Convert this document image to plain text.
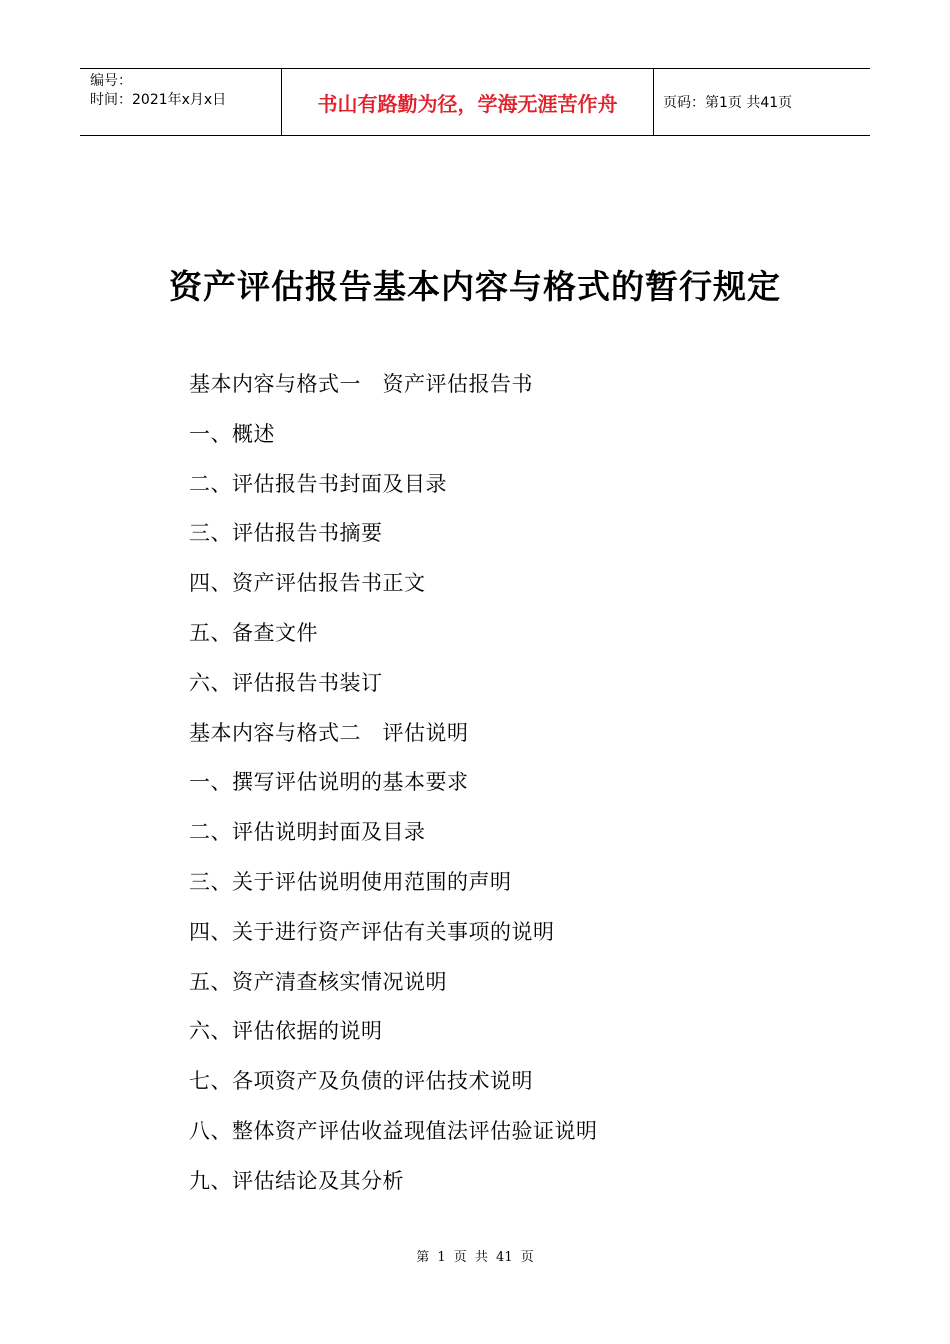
编号：
时间：2021年x月x日	书山有路勤为径，学海无涯苦作舟	页码：第1页 共41页
资产评估报告基本内容与格式的暂行规定
基本内容与格式一　资产评估报告书
一、概述
二、评估报告书封面及目录
三、评估报告书摘要
四、资产评估报告书正文
五、备查文件
六、评估报告书装订
基本内容与格式二　评估说明
一、撰写评估说明的基本要求
二、评估说明封面及目录
三、关于评估说明使用范围的声明
四、关于进行资产评估有关事项的说明
五、资产清查核实情况说明
六、评估依据的说明
七、各项资产及负债的评估技术说明
八、整体资产评估收益现值法评估验证说明
九、评估结论及其分析
第 1 页 共 41 页
